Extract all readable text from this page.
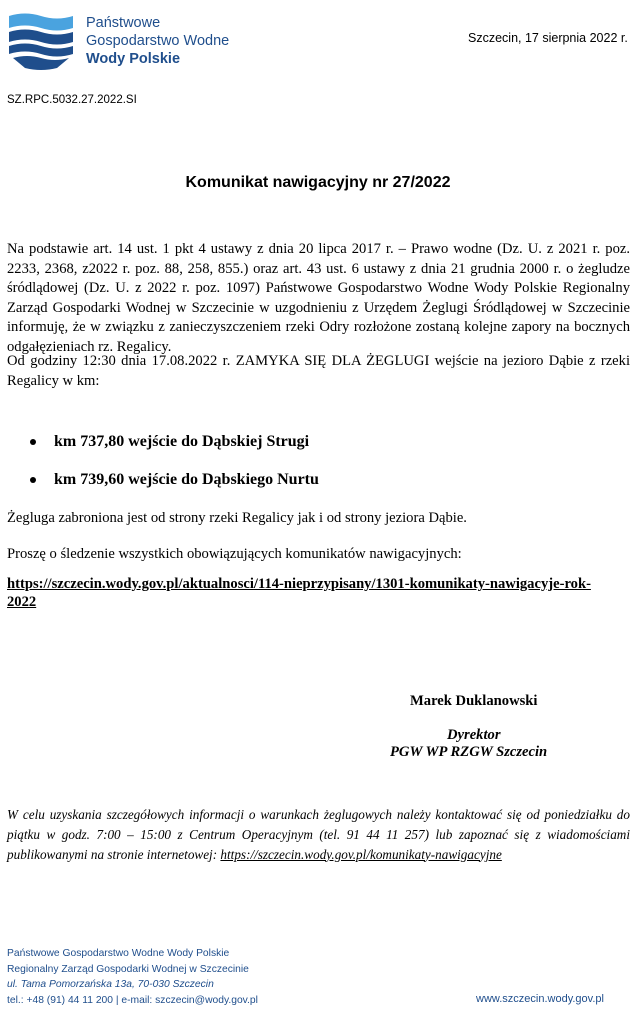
Państwowe
Gospodarstwo Wodne
Wody Polskie
Szczecin, 17 sierpnia 2022 r.
SZ.RPC.5032.27.2022.SI
Komunikat nawigacyjny nr 27/2022
Na podstawie art. 14 ust. 1 pkt 4 ustawy z dnia 20 lipca 2017 r. – Prawo wodne (Dz. U. z 2021 r. poz. 2233, 2368, z2022 r. poz. 88, 258, 855.) oraz art. 43 ust. 6 ustawy z dnia 21 grudnia 2000 r. o żegludze śródlądowej (Dz. U. z 2022 r. poz. 1097) Państwowe Gospodarstwo Wodne Wody Polskie Regionalny Zarząd Gospodarki Wodnej w Szczecinie w uzgodnieniu z Urzędem Żeglugi Śródlądowej w Szczecinie informuję, że w związku z zanieczyszczeniem rzeki Odry rozłożone zostaną kolejne zapory na bocznych odgałęzieniach rz. Regalicy.
Od godziny 12:30 dnia 17.08.2022 r. ZAMYKA SIĘ DLA ŻEGLUGI wejście na jezioro Dąbie z rzeki Regalicy w km:
km 737,80 wejście do Dąbskiej Strugi
km 739,60 wejście do Dąbskiego Nurtu
Żegluga zabroniona jest od strony rzeki Regalicy jak i od strony jeziora Dąbie.
Proszę o śledzenie wszystkich obowiązujących komunikatów nawigacyjnych:
https://szczecin.wody.gov.pl/aktualnosci/114-nieprzypisany/1301-komunikaty-nawigacyje-rok-2022
Marek Duklanowski
Dyrektor
PGW WP RZGW Szczecin
W celu uzyskania szczegółowych informacji o warunkach żeglugowych należy kontaktować się od poniedziałku do piątku w godz. 7:00 – 15:00 z Centrum Operacyjnym (tel. 91 44 11 257) lub zapoznać się z wiadomościami publikowanymi na stronie internetowej: https://szczecin.wody.gov.pl/komunikaty-nawigacyjne
Państwowe Gospodarstwo Wodne Wody Polskie
Regionalny Zarząd Gospodarki Wodnej w Szczecinie
ul. Tama Pomorzańska 13a, 70-030 Szczecin
tel.: +48 (91) 44 11 200 | e-mail: szczecin@wody.gov.pl	www.szczecin.wody.gov.pl
